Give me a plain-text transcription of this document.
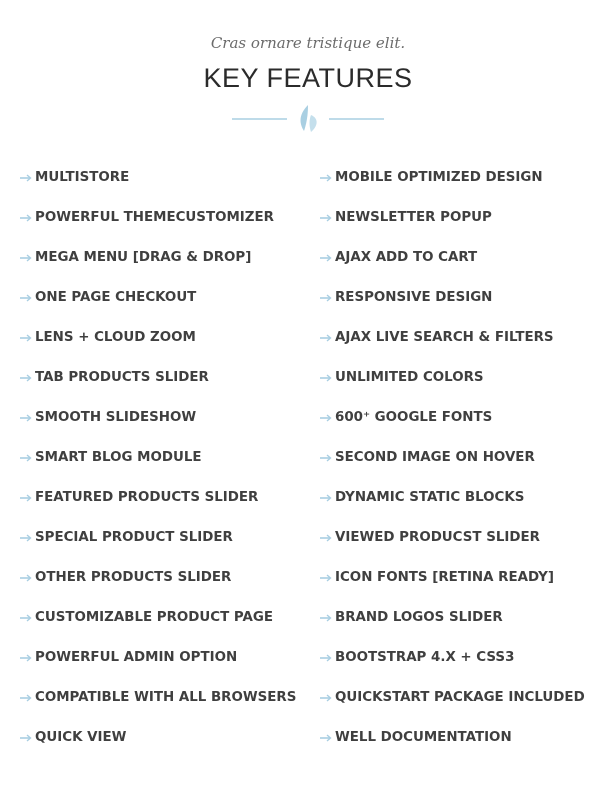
Cras ornare tristique elit.
KEY FEATURES
MULTISTORE
POWERFUL THEMECUSTOMIZER
MEGA MENU [DRAG & DROP]
ONE PAGE CHECKOUT
LENS + CLOUD ZOOM
TAB PRODUCTS SLIDER
SMOOTH SLIDESHOW
SMART BLOG MODULE
FEATURED PRODUCTS SLIDER
SPECIAL PRODUCT SLIDER
OTHER PRODUCTS SLIDER
CUSTOMIZABLE PRODUCT PAGE
POWERFUL ADMIN OPTION
COMPATIBLE WITH ALL BROWSERS
QUICK VIEW
MOBILE OPTIMIZED DESIGN
NEWSLETTER POPUP
AJAX ADD TO CART
RESPONSIVE DESIGN
AJAX LIVE SEARCH & FILTERS
UNLIMITED COLORS
600⁺ GOOGLE FONTS
SECOND IMAGE ON HOVER
DYNAMIC STATIC BLOCKS
VIEWED PRODUCST SLIDER
ICON FONTS [RETINA READY]
BRAND LOGOS SLIDER
BOOTSTRAP 4.X + CSS3
QUICKSTART PACKAGE INCLUDED
WELL DOCUMENTATION
